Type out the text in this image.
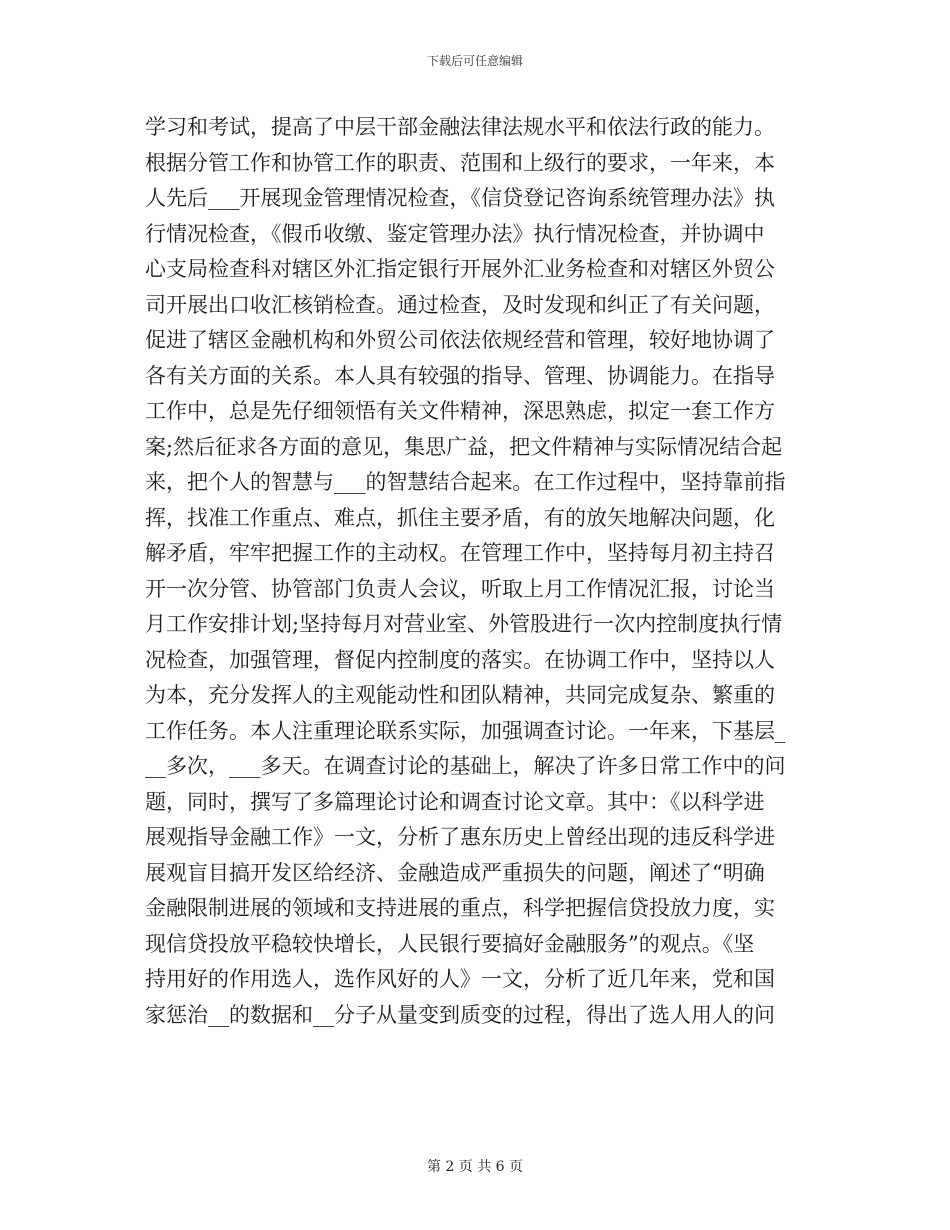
下载后可任意编辑
学习和考试，提高了中层干部金融法律法规水平和依法行政的能力。
根据分管工作和协管工作的职责、范围和上级行的要求，一年来，本
人先后___开展现金管理情况检查，《信贷登记咨询系统管理办法》执
行情况检查，《假币收缴、鉴定管理办法》执行情况检查，并协调中
心支局检查科对辖区外汇指定银行开展外汇业务检查和对辖区外贸公
司开展出口收汇核销检查。通过检查，及时发现和纠正了有关问题，
促进了辖区金融机构和外贸公司依法依规经营和管理，较好地协调了
各有关方面的关系。本人具有较强的指导、管理、协调能力。在指导
工作中，总是先仔细领悟有关文件精神，深思熟虑，拟定一套工作方
案;然后征求各方面的意见，集思广益，把文件精神与实际情况结合起
来，把个人的智慧与___的智慧结合起来。在工作过程中，坚持靠前指
挥，找准工作重点、难点，抓住主要矛盾，有的放矢地解决问题，化
解矛盾，牢牢把握工作的主动权。在管理工作中，坚持每月初主持召
开一次分管、协管部门负责人会议，听取上月工作情况汇报，讨论当
月工作安排计划;坚持每月对营业室、外管股进行一次内控制度执行情
况检查，加强管理，督促内控制度的落实。在协调工作中，坚持以人
为本，充分发挥人的主观能动性和团队精神，共同完成复杂、繁重的
工作任务。本人注重理论联系实际，加强调查讨论。一年来，下基层_
__多次，___多天。在调查讨论的基础上，解决了许多日常工作中的问
题，同时，撰写了多篇理论讨论和调查讨论文章。其中：《以科学进
展观指导金融工作》一文，分析了惠东历史上曾经出现的违反科学进
展观盲目搞开发区给经济、金融造成严重损失的问题，阐述了“明确
金融限制进展的领域和支持进展的重点，科学把握信贷投放力度，实
现信贷投放平稳较快增长，人民银行要搞好金融服务”的观点。《坚
持用好的作用选人，选作风好的人》一文，分析了近几年来，党和国
家惩治__的数据和__分子从量变到质变的过程，得出了选人用人的问
第 2 页 共 6 页
